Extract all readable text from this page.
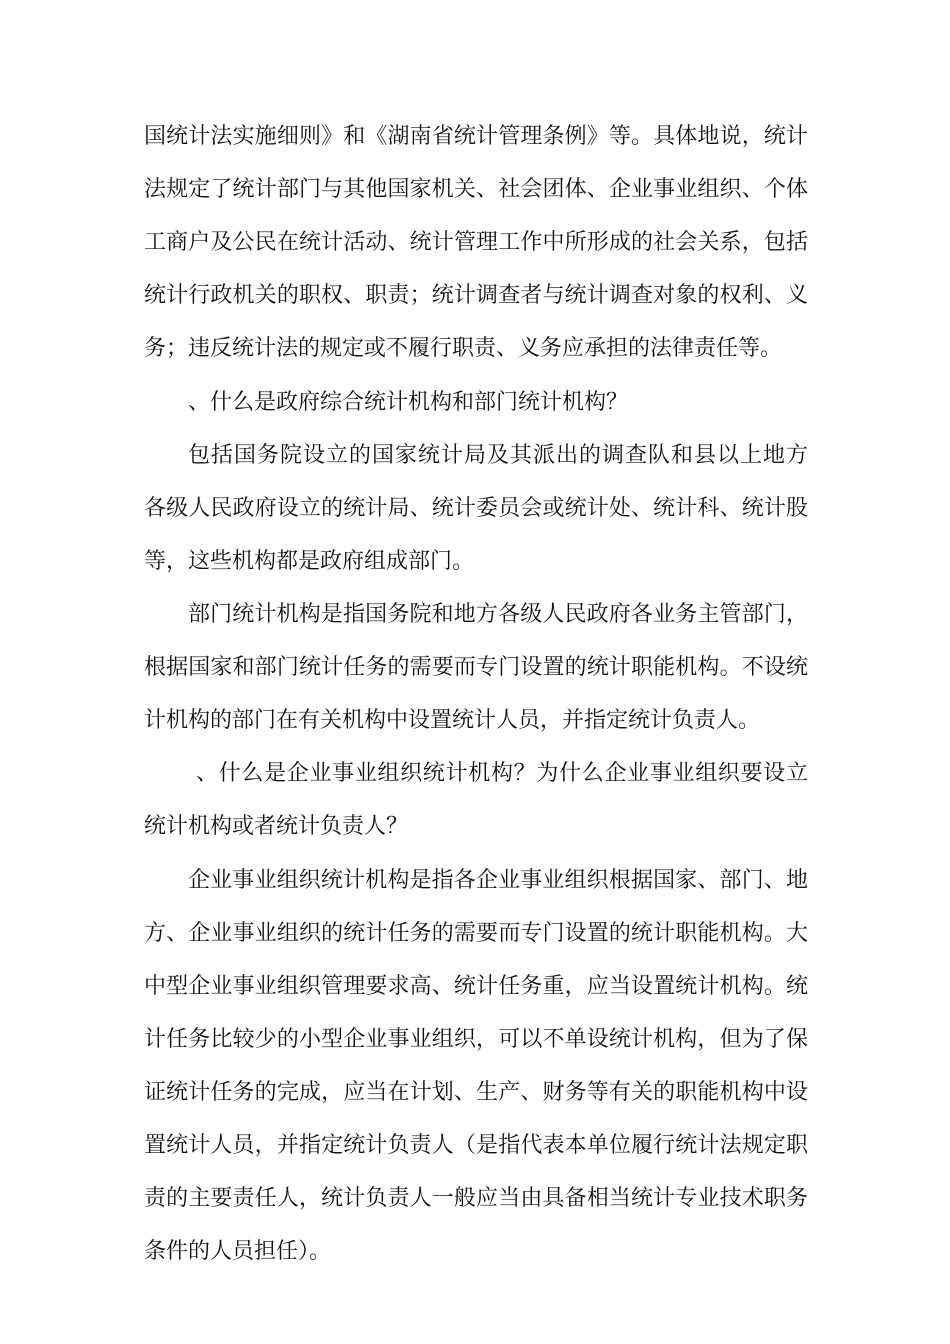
国统计法实施细则》和《湖南省统计管理条例》等。具体地说，统计
法规定了统计部门与其他国家机关、社会团体、企业事业组织、个体
工商户及公民在统计活动、统计管理工作中所形成的社会关系，包括
统计行政机关的职权、职责；统计调查者与统计调查对象的权利、义
务；违反统计法的规定或不履行职责、义务应承担的法律责任等。
、什么是政府综合统计机构和部门统计机构？
包括国务院设立的国家统计局及其派出的调查队和县以上地方
各级人民政府设立的统计局、统计委员会或统计处、统计科、统计股
等，这些机构都是政府组成部门。
部门统计机构是指国务院和地方各级人民政府各业务主管部门，
根据国家和部门统计任务的需要而专门设置的统计职能机构。不设统
计机构的部门在有关机构中设置统计人员，并指定统计负责人。
、什么是企业事业组织统计机构？为什么企业事业组织要设立
统计机构或者统计负责人？
企业事业组织统计机构是指各企业事业组织根据国家、部门、地
方、企业事业组织的统计任务的需要而专门设置的统计职能机构。大
中型企业事业组织管理要求高、统计任务重，应当设置统计机构。统
计任务比较少的小型企业事业组织，可以不单设统计机构，但为了保
证统计任务的完成，应当在计划、生产、财务等有关的职能机构中设
置统计人员，并指定统计负责人（是指代表本单位履行统计法规定职
责的主要责任人，统计负责人一般应当由具备相当统计专业技术职务
条件的人员担任）。
